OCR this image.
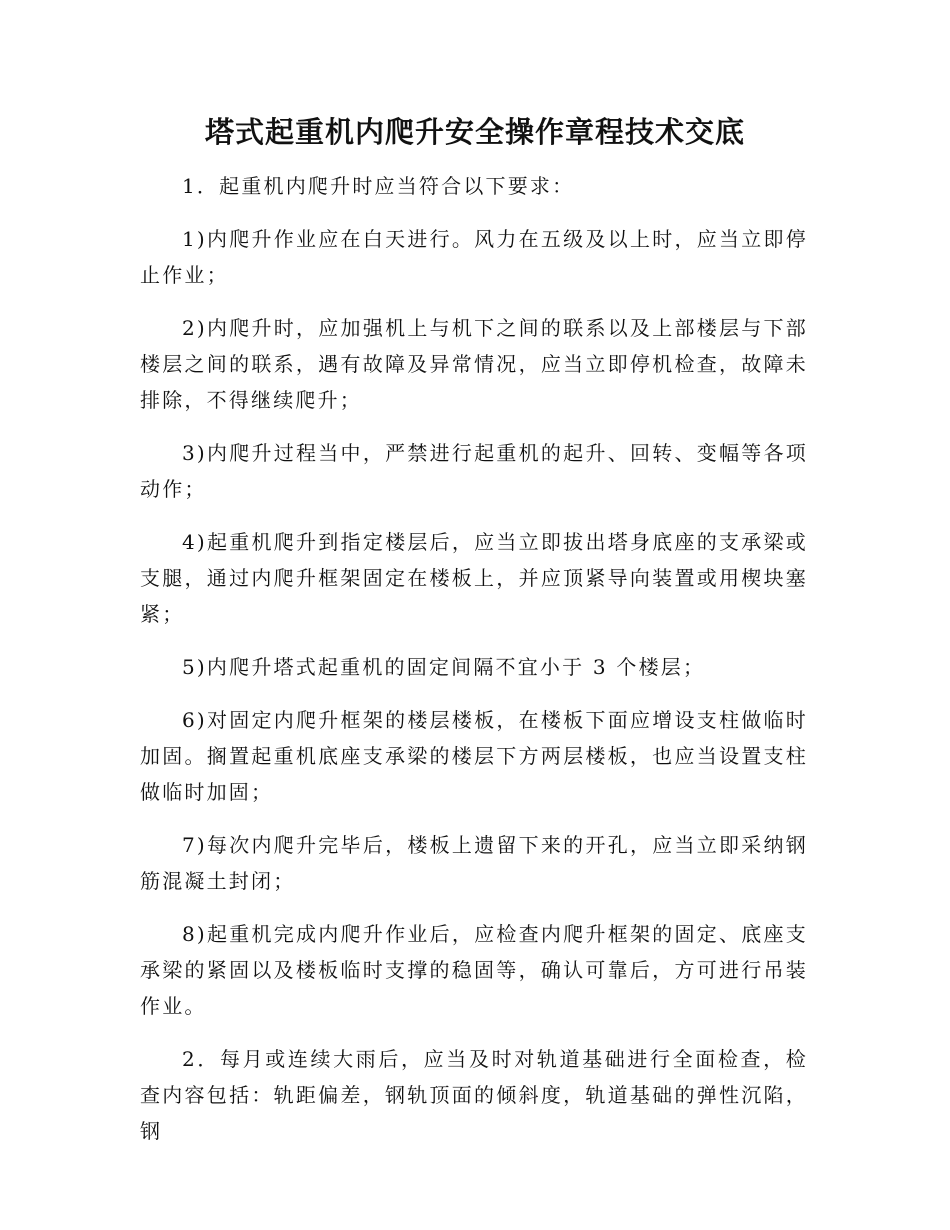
塔式起重机内爬升安全操作章程技术交底

1．起重机内爬升时应当符合以下要求：

1)内爬升作业应在白天进行。风力在五级及以上时，应当立即停止作业；

2)内爬升时，应加强机上与机下之间的联系以及上部楼层与下部楼层之间的联系，遇有故障及异常情况，应当立即停机检查，故障未排除，不得继续爬升；

3)内爬升过程当中，严禁进行起重机的起升、回转、变幅等各项动作；

4)起重机爬升到指定楼层后，应当立即拔出塔身底座的支承梁或支腿，通过内爬升框架固定在楼板上，并应顶紧导向装置或用楔块塞紧；

5)内爬升塔式起重机的固定间隔不宜小于 3 个楼层；

6)对固定内爬升框架的楼层楼板，在楼板下面应增设支柱做临时加固。搁置起重机底座支承梁的楼层下方两层楼板，也应当设置支柱做临时加固；

7)每次内爬升完毕后，楼板上遗留下来的开孔，应当立即采纳钢筋混凝土封闭；

8)起重机完成内爬升作业后，应检查内爬升框架的固定、底座支承梁的紧固以及楼板临时支撑的稳固等，确认可靠后，方可进行吊装作业。

2．每月或连续大雨后，应当及时对轨道基础进行全面检查，检查内容包括：轨距偏差，钢轨顶面的倾斜度，轨道基础的弹性沉陷，钢
